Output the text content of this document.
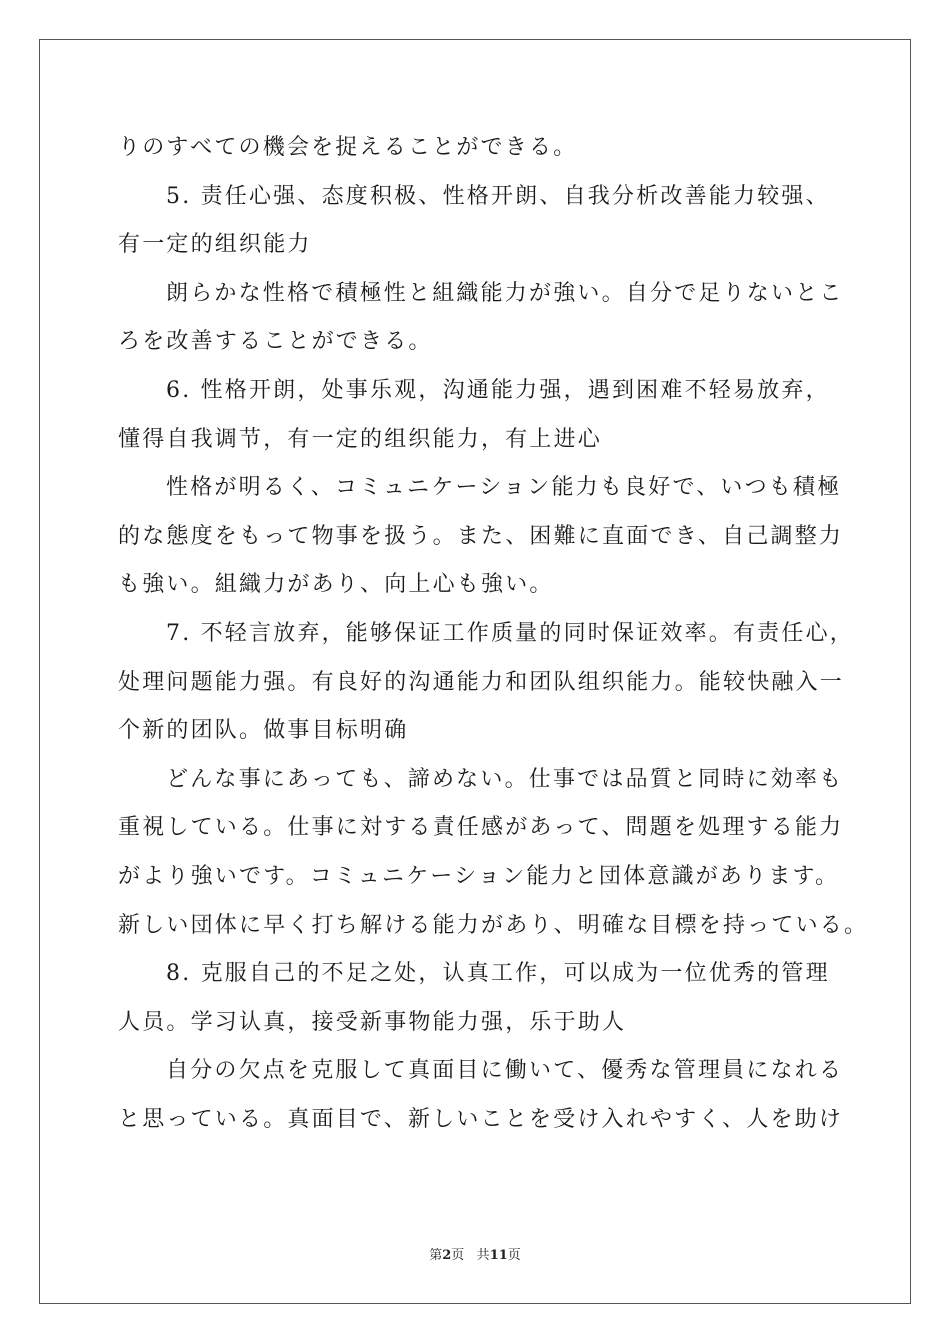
りのすべての機会を捉えることができる。
5. 责任心强、态度积极、性格开朗、自我分析改善能力较强、
有一定的组织能力
朗らかな性格で積極性と組織能力が強い。自分で足りないとこ
ろを改善することができる。
6. 性格开朗，处事乐观，沟通能力强，遇到困难不轻易放弃，
懂得自我调节，有一定的组织能力，有上进心
性格が明るく、コミュニケーション能力も良好で、いつも積極
的な態度をもって物事を扱う。また、困難に直面でき、自己調整力
も強い。組織力があり、向上心も強い。
7. 不轻言放弃，能够保证工作质量的同时保证效率。有责任心，
处理问题能力强。有良好的沟通能力和团队组织能力。能较快融入一
个新的团队。做事目标明确
どんな事にあっても、諦めない。仕事では品質と同時に効率も
重視している。仕事に対する責任感があって、問題を処理する能力
がより強いです。コミュニケーション能力と団体意識があります。
新しい団体に早く打ち解ける能力があり、明確な目標を持っている。
8. 克服自己的不足之处，认真工作，可以成为一位优秀的管理
人员。学习认真，接受新事物能力强，乐于助人
自分の欠点を克服して真面目に働いて、優秀な管理員になれる
と思っている。真面目で、新しいことを受け入れやすく、人を助け
第2页 共11页
